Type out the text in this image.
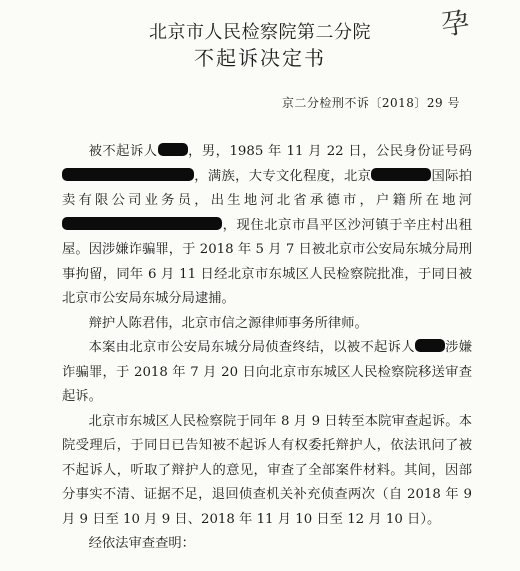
孕
北京市人民检察院第二分院
不起诉决定书
京二分检刑不诉〔2018〕29 号

被不起诉人 ，男，1985 年 11 月 22 日，公民身份证号码，满族，大专文化程度，北京	国际拍卖有限公司业务员，出生地河北省承德市，户籍所在地河，现住北京市昌平区沙河镇于辛庄村出租屋。因涉嫌诈骗罪，于 2018 年 5 月 7 日被北京市公安局东城分局刑事拘留，同年 6 月 11 日经北京市东城区人民检察院批准，于同日被北京市公安局东城分局逮捕。

辩护人陈君伟，北京市信之源律师事务所律师。

本案由北京市公安局东城分局侦查终结，以被不起诉人 涉嫌诈骗罪，于 2018 年 7 月 20 日向北京市东城区人民检察院移送审查起诉。

北京市东城区人民检察院于同年 8 月 9 日转至本院审查起诉。本院受理后，于同日已告知被不起诉人有权委托辩护人，依法讯问了被不起诉人，听取了辩护人的意见，审查了全部案件材料。其间，因部分事实不清、证据不足，退回侦查机关补充侦查两次（自 2018 年 9 月 9 日至 10 月 9 日、2018 年 11 月 10 日至 12 月 10 日）。

经依法审查查明：
